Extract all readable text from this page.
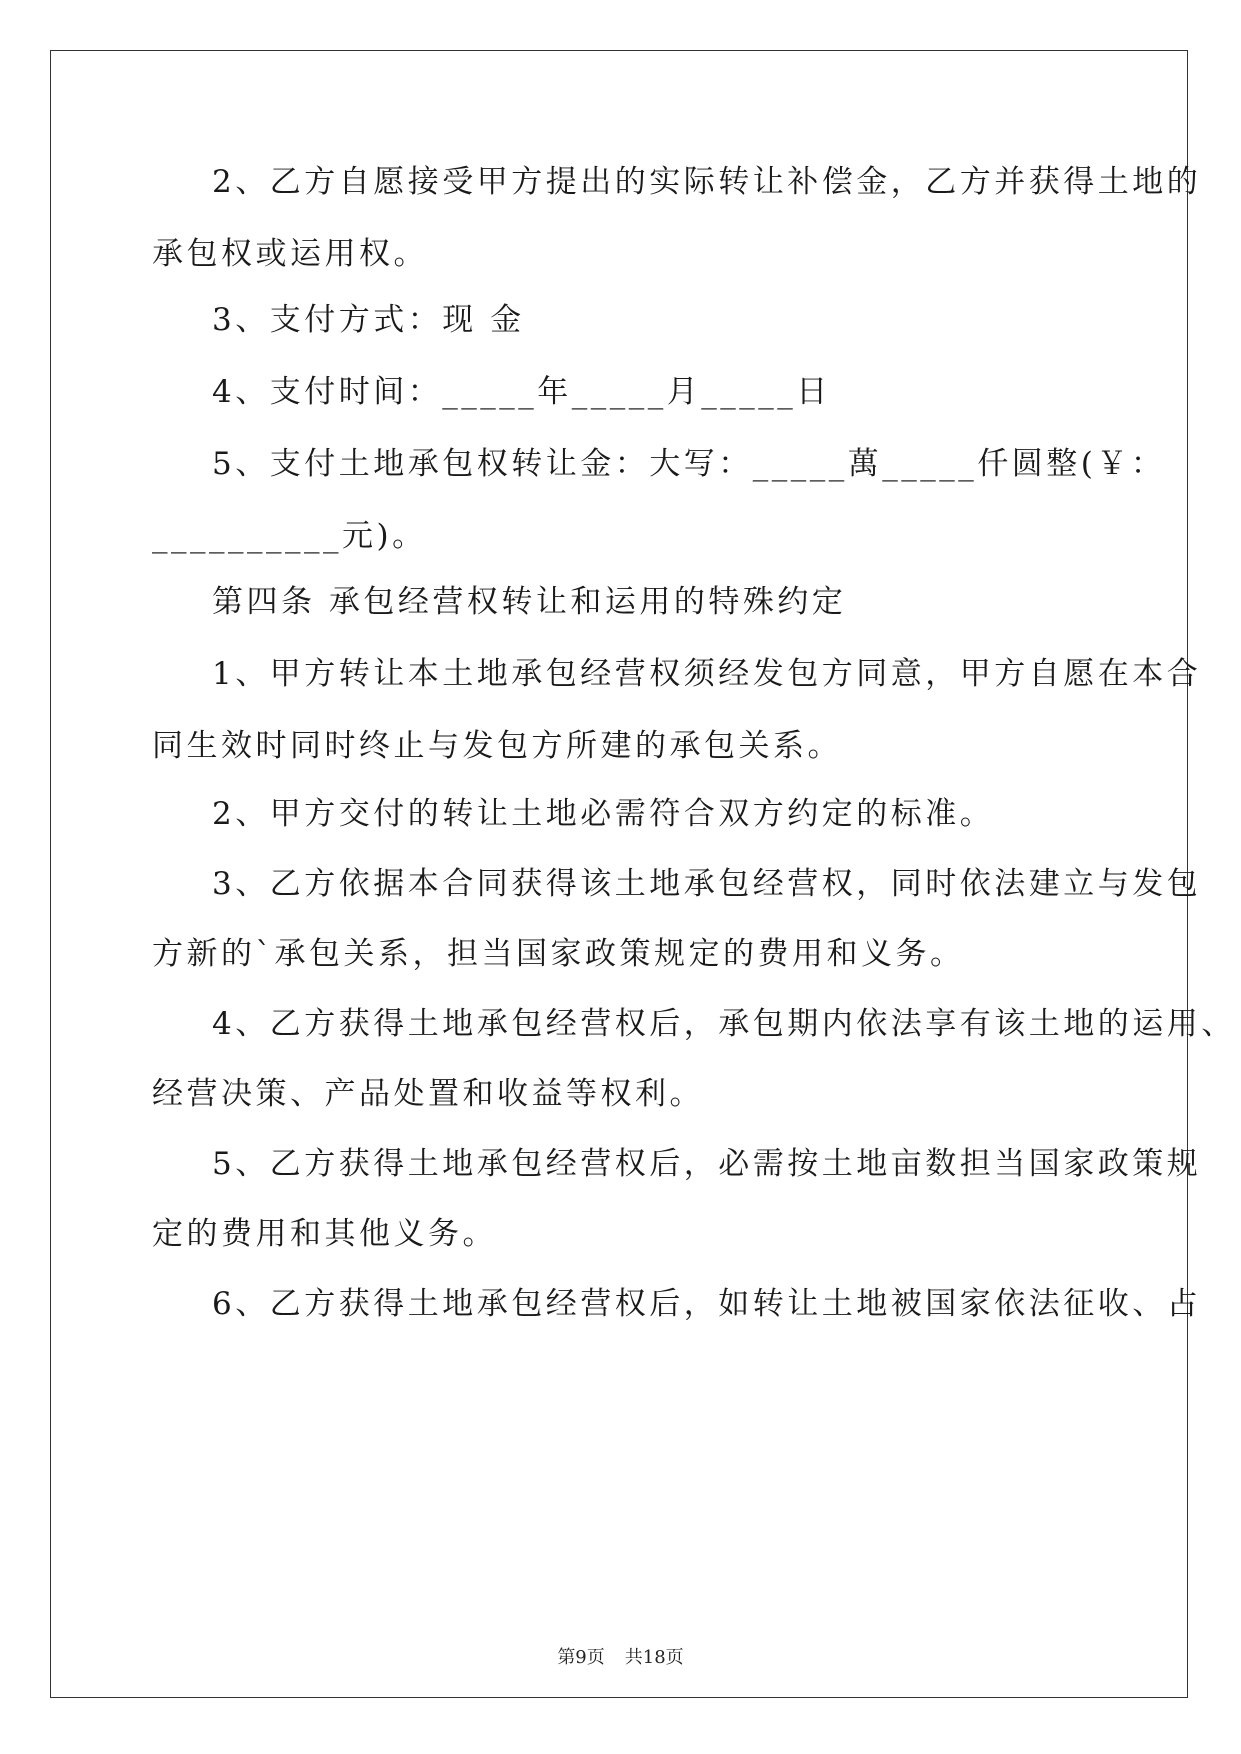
2、乙方自愿接受甲方提出的实际转让补偿金，乙方并获得土地的
承包权或运用权。
3、支付方式：现 金
4、支付时间：_____年_____月_____日
5、支付土地承包权转让金：大写：_____萬_____仟圆整(￥：
__________元)。
第四条 承包经营权转让和运用的特殊约定
1、甲方转让本土地承包经营权须经发包方同意，甲方自愿在本合
同生效时同时终止与发包方所建的承包关系。
2、甲方交付的转让土地必需符合双方约定的标准。
3、乙方依据本合同获得该土地承包经营权，同时依法建立与发包
方新的`承包关系，担当国家政策规定的费用和义务。
4、乙方获得土地承包经营权后，承包期内依法享有该土地的运用、
经营决策、产品处置和收益等权利。
5、乙方获得土地承包经营权后，必需按土地亩数担当国家政策规
定的费用和其他义务。
6、乙方获得土地承包经营权后，如转让土地被国家依法征收、占
第9页 共18页
